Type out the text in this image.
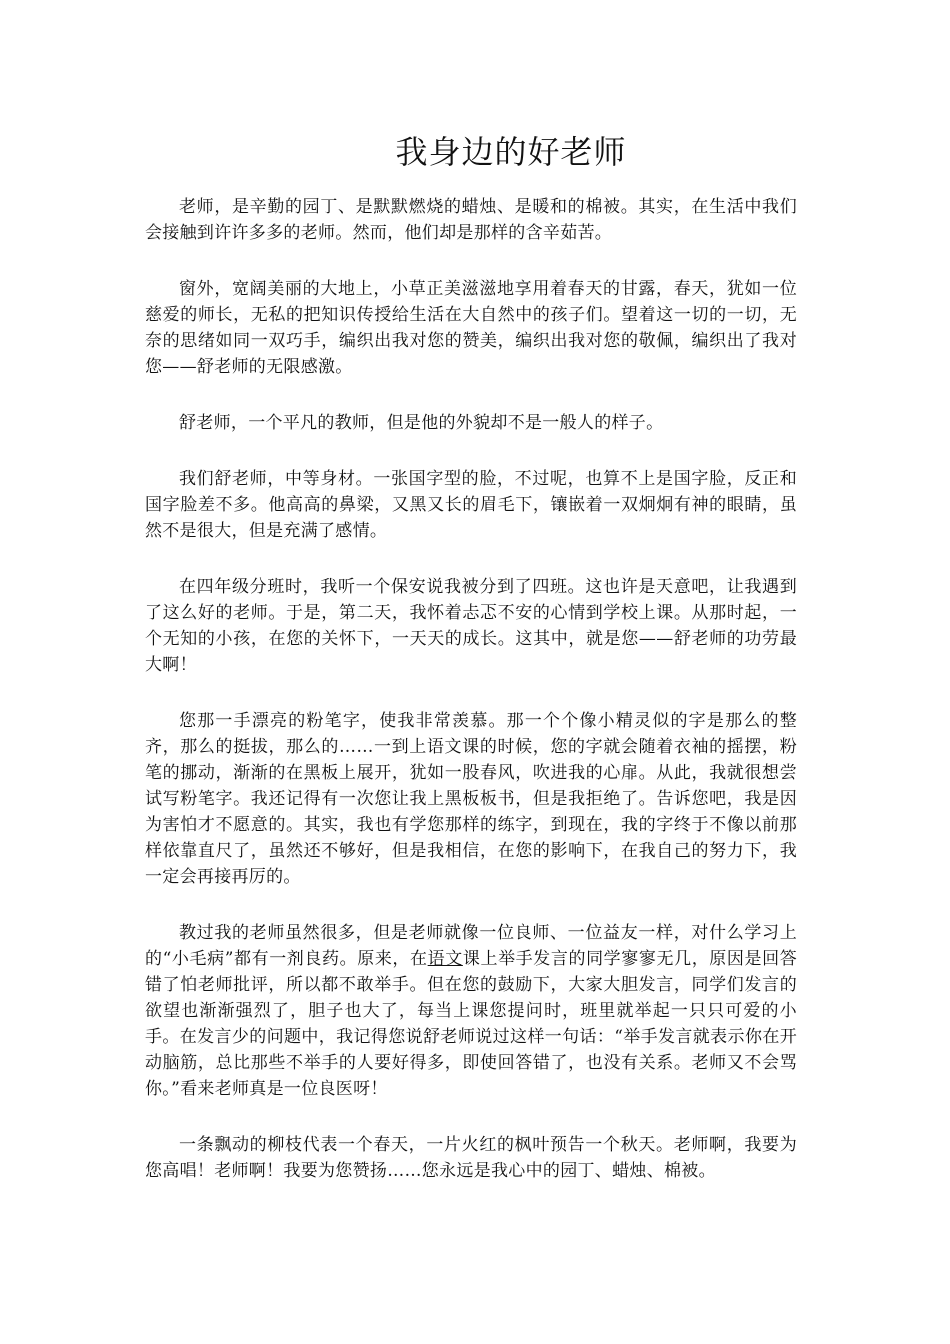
我身边的好老师

老师，是辛勤的园丁、是默默燃烧的蜡烛、是暖和的棉被。其实，在生活中我们会接触到许许多多的老师。然而，他们却是那样的含辛茹苦。

窗外，宽阔美丽的大地上，小草正美滋滋地享用着春天的甘露，春天，犹如一位慈爱的师长，无私的把知识传授给生活在大自然中的孩子们。望着这一切的一切，无奈的思绪如同一双巧手，编织出我对您的赞美，编织出我对您的敬佩，编织出了我对您——舒老师的无限感激。

舒老师，一个平凡的教师，但是他的外貌却不是一般人的样子。

我们舒老师，中等身材。一张国字型的脸，不过呢，也算不上是国字脸，反正和国字脸差不多。他高高的鼻梁，又黑又长的眉毛下，镶嵌着一双炯炯有神的眼睛，虽然不是很大，但是充满了感情。

在四年级分班时，我听一个保安说我被分到了四班。这也许是天意吧，让我遇到了这么好的老师。于是，第二天，我怀着忐忑不安的心情到学校上课。从那时起，一个无知的小孩，在您的关怀下，一天天的成长。这其中，就是您——舒老师的功劳最大啊！

您那一手漂亮的粉笔字，使我非常羡慕。那一个个像小精灵似的字是那么的整齐，那么的挺拔，那么的……一到上语文课的时候，您的字就会随着衣袖的摇摆，粉笔的挪动，渐渐的在黑板上展开，犹如一股春风，吹进我的心扉。从此，我就很想尝试写粉笔字。我还记得有一次您让我上黑板板书，但是我拒绝了。告诉您吧，我是因为害怕才不愿意的。其实，我也有学您那样的练字，到现在，我的字终于不像以前那样依靠直尺了，虽然还不够好，但是我相信，在您的影响下，在我自己的努力下，我一定会再接再厉的。

教过我的老师虽然很多，但是老师就像一位良师、一位益友一样，对什么学习上的“小毛病”都有一剂良药。原来，在语文课上举手发言的同学寥寥无几，原因是回答错了怕老师批评，所以都不敢举手。但在您的鼓励下，大家大胆发言，同学们发言的欲望也渐渐强烈了，胆子也大了，每当上课您提问时，班里就举起一只只可爱的小手。在发言少的问题中，我记得您说舒老师说过这样一句话：“举手发言就表示你在开动脑筋，总比那些不举手的人要好得多，即使回答错了，也没有关系。老师又不会骂你。”看来老师真是一位良医呀！

一条飘动的柳枝代表一个春天，一片火红的枫叶预告一个秋天。老师啊，我要为您高唱！老师啊！我要为您赞扬……您永远是我心中的园丁、蜡烛、棉被。
